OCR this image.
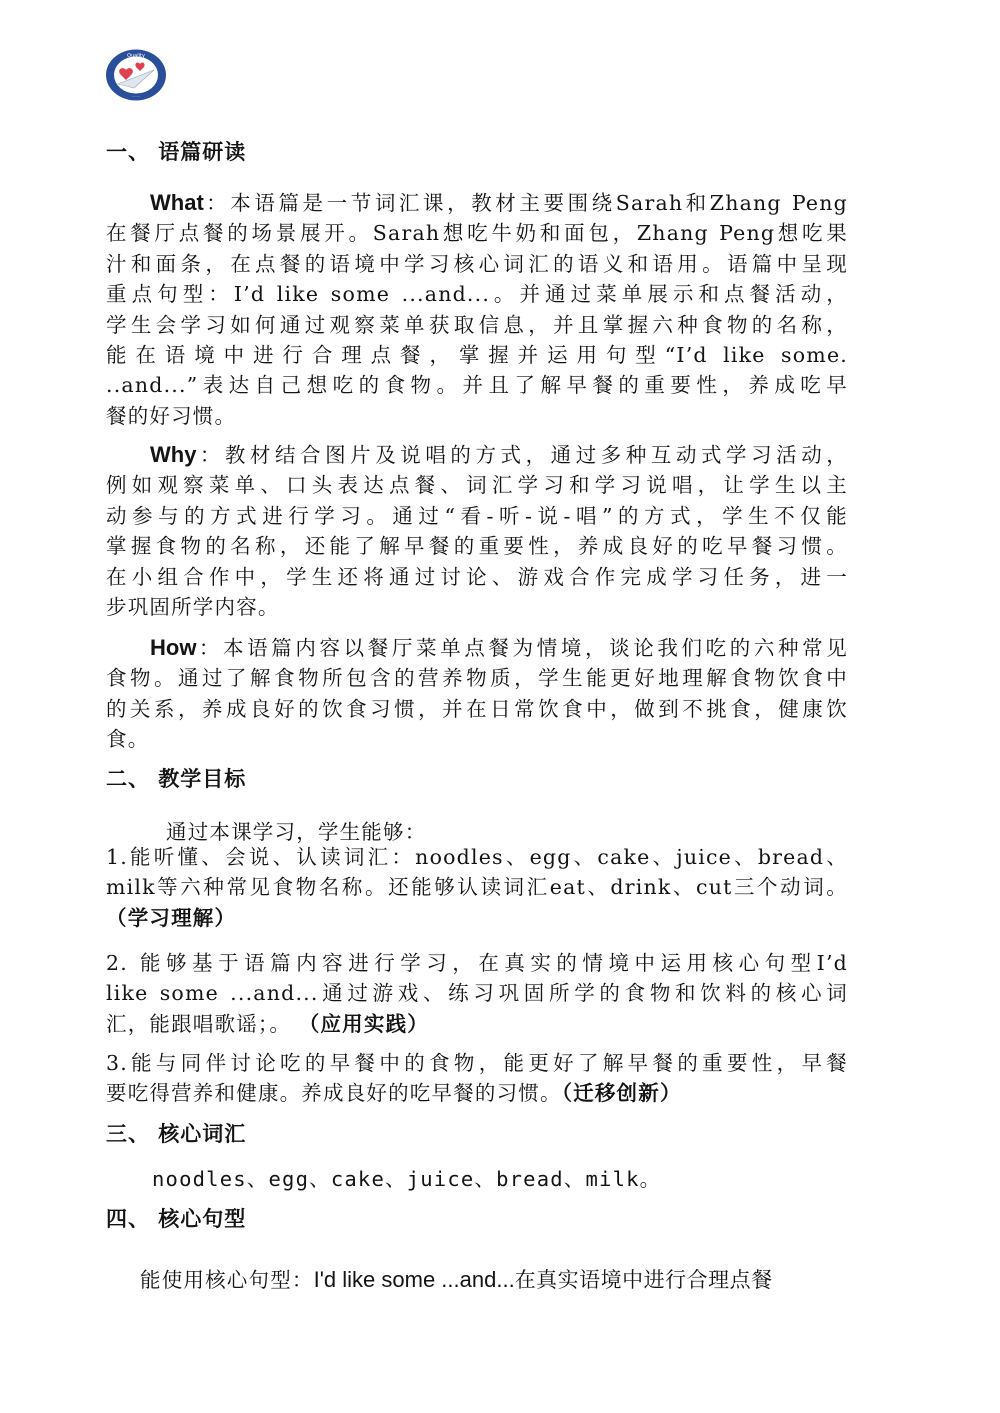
Quality
· · ·
一、 语篇研读
What：本语篇是一节词汇课，教材主要围绕Sarah和Zhang Peng
在餐厅点餐的场景展开。Sarah想吃牛奶和面包，Zhang Peng想吃果
汁和面条，在点餐的语境中学习核心词汇的语义和语用。语篇中呈现
重点句型：I’d like some ...and...。并通过菜单展示和点餐活动，
学生会学习如何通过观察菜单获取信息，并且掌握六种食物的名称，
能在语境中进行合理点餐，掌握并运用句型“I’d like some.
..and...”表达自己想吃的食物。并且了解早餐的重要性，养成吃早
餐的好习惯。
Why：教材结合图片及说唱的方式，通过多种互动式学习活动，
例如观察菜单、口头表达点餐、词汇学习和学习说唱，让学生以主
动参与的方式进行学习。通过“看-听-说-唱”的方式，学生不仅能
掌握食物的名称，还能了解早餐的重要性，养成良好的吃早餐习惯。
在小组合作中，学生还将通过讨论、游戏合作完成学习任务，进一
步巩固所学内容。
How：本语篇内容以餐厅菜单点餐为情境，谈论我们吃的六种常见
食物。通过了解食物所包含的营养物质，学生能更好地理解食物饮食中
的关系，养成良好的饮食习惯，并在日常饮食中，做到不挑食，健康饮
食。
二、 教学目标
通过本课学习，学生能够：
1.能听懂、会说、认读词汇：noodles、egg、cake、juice、bread、
milk等六种常见食物名称。还能够认读词汇eat、drink、cut三个动词。
（学习理解）
2. 能够基于语篇内容进行学习，在真实的情境中运用核心句型I’d
like some ...and...通过游戏、练习巩固所学的食物和饮料的核心词
汇，能跟唱歌谣；。 （应用实践）
3.能与同伴讨论吃的早餐中的食物，能更好了解早餐的重要性，早餐
要吃得营养和健康。养成良好的吃早餐的习惯。（迁移创新）
三、 核心词汇
noodles、egg、cake、juice、bread、milk。
四、 核心句型
能使用核心句型：I'd like some ...and...在真实语境中进行合理点餐
